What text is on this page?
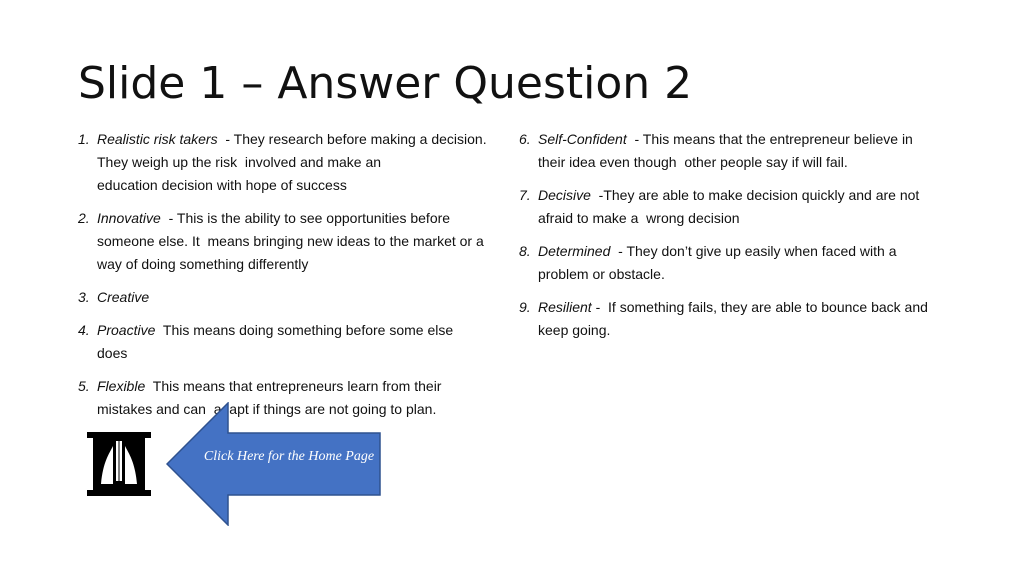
Slide 1 – Answer Question 2
1. Realistic risk takers  - They research before making a decision.
They weigh up the risk  involved and make an
education decision with hope of success
2. Innovative  - This is the ability to see opportunities before
someone else. It  means bringing new ideas to the market or a
way of doing something differently
3. Creative
4. Proactive  This means doing something before some else
does
5. Flexible  This means that entrepreneurs learn from their
mistakes and can  adapt if things are not going to plan.
6. Self-Confident  - This means that the entrepreneur believe in
their idea even though  other people say if will fail.
7. Decisive  -They are able to make decision quickly and are not
afraid to make a  wrong decision
8. Determined  - They don’t give up easily when faced with a
problem or obstacle.
9. Resilient -  If something fails, they are able to bounce back and
keep going.
Click Here for the Home Page
